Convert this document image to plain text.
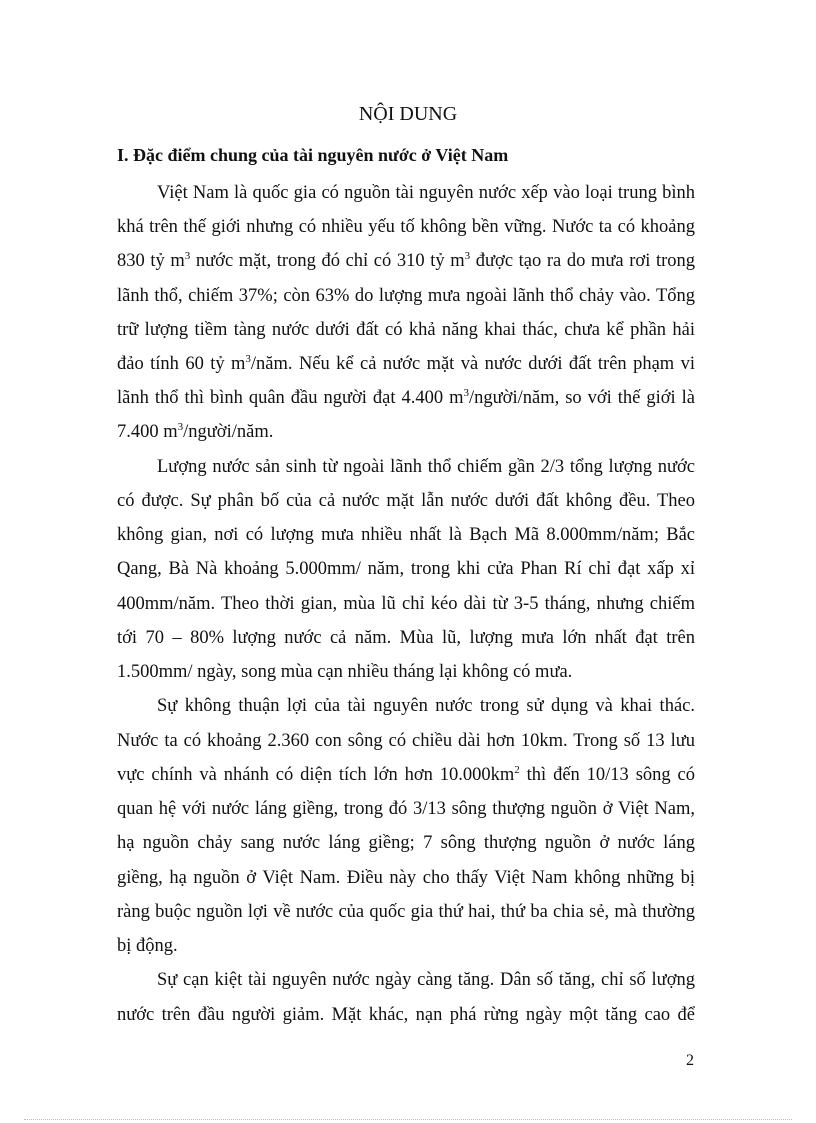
NỘI DUNG
I. Đặc điểm chung của tài nguyên nước ở Việt Nam
Việt Nam là quốc gia có nguồn tài nguyên nước xếp vào loại trung bình
khá trên thế giới nhưng có nhiều yếu tố không bền vững. Nước ta có khoảng
830 tỷ $m^3$ nước mặt, trong đó chỉ có 310 tỷ $m^3$ được tạo ra do mưa rơi trong
lãnh thổ, chiếm 37%; còn 63% do lượng mưa ngoài lãnh thổ chảy vào. Tổng
trữ lượng tiềm tàng nước dưới đất có khả năng khai thác, chưa kể phần hải
đảo tính 60 tỷ $m^3$/năm. Nếu kể cả nước mặt và nước dưới đất trên phạm vi
lãnh thổ thì bình quân đầu người đạt 4.400 $m^3/người$/năm, so với thế giới là
7.400 $m^3/người$/năm.
Lượng nước sản sinh từ ngoài lãnh thổ chiếm gần 2/3 tổng lượng nước
có được. Sự phân bố của cả nước mặt lẫn nước dưới đất không đều. Theo
không gian, nơi có lượng mưa nhiều nhất là Bạch Mã 8.000mm/năm; Bắc
Qang, Bà Nà khoảng 5.000mm/ năm, trong khi cửa Phan Rí chỉ đạt xấp xỉ
400mm/năm. Theo thời gian, mùa lũ chỉ kéo dài từ 3-5 tháng, nhưng chiếm
tới 70 – 80% lượng nước cả năm. Mùa lũ, lượng mưa lớn nhất đạt trên
1.500mm/ ngày, song mùa cạn nhiều tháng lại không có mưa.
Sự không thuận lợi của tài nguyên nước trong sử dụng và khai thác.
Nước ta có khoảng 2.360 con sông có chiều dài hơn 10km. Trong số 13 lưu
vực chính và nhánh có diện tích lớn hơn $10.000km^2$ thì đến 10/13 sông có
quan hệ với nước láng giềng, trong đó 3/13 sông thượng nguồn ở Việt Nam,
hạ nguồn chảy sang nước láng giềng; 7 sông thượng nguồn ở nước láng
giềng, hạ nguồn ở Việt Nam. Điều này cho thấy Việt Nam không những bị
ràng buộc nguồn lợi về nước của quốc gia thứ hai, thứ ba chia sẻ, mà thường
bị động.
Sự cạn kiệt tài nguyên nước ngày càng tăng. Dân số tăng, chỉ số lượng
nước trên đầu người giảm. Mặt khác, nạn phá rừng ngày một tăng cao để
2
